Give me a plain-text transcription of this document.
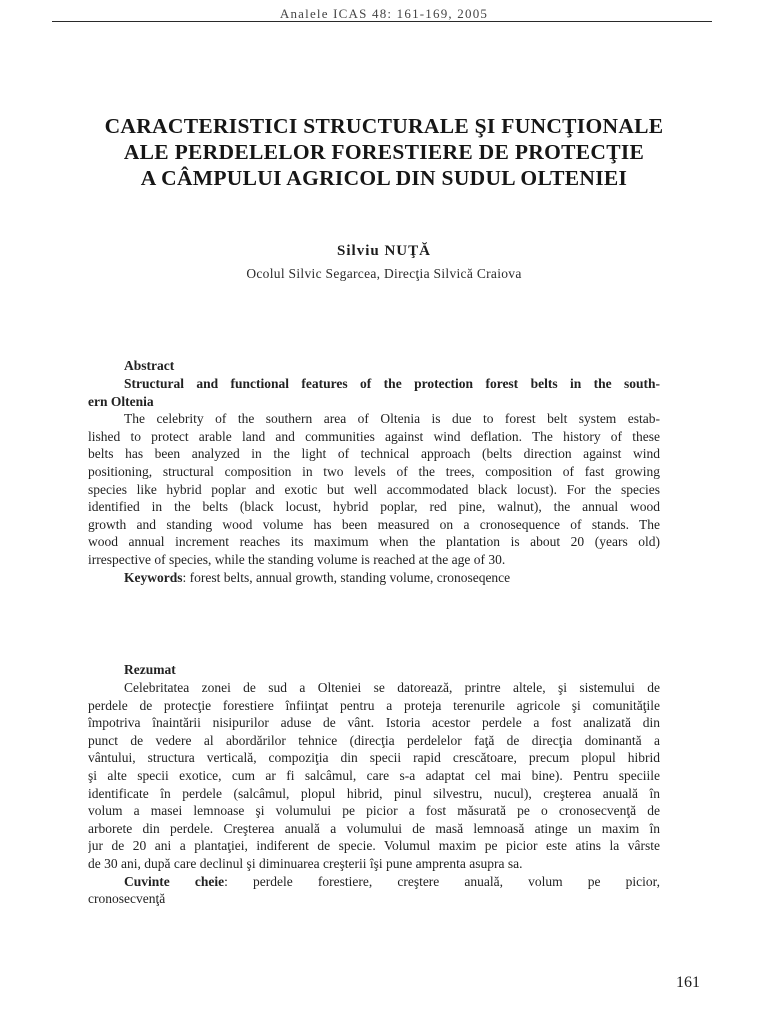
Analele ICAS 48: 161-169, 2005
CARACTERISTICI STRUCTURALE ŞI FUNCŢIONALE
ALE PERDELELOR FORESTIERE DE PROTECŢIE
A CÂMPULUI AGRICOL DIN SUDUL OLTENIEI
Silviu NUŢĂ
Ocolul Silvic Segarcea, Direcţia Silvică Craiova
Abstract
Structural and functional features of the protection forest belts in the south-
ern Oltenia
The celebrity of the southern area of Oltenia is due to forest belt system estab-
lished to protect arable land and communities against wind deflation. The history of these
belts has been analyzed in the light of technical approach (belts direction against wind
positioning, structural composition in two levels of the trees, composition of fast growing
species like hybrid poplar and exotic but well accommodated black locust). For the species
identified in the belts (black locust, hybrid poplar, red pine, walnut), the annual wood
growth and standing wood volume has been measured on a cronosequence of stands. The
wood annual increment reaches its maximum when the plantation is about 20 (years old)
irrespective of species, while the standing volume is reached at the age of 30.
Keywords: forest belts, annual growth, standing volume, cronoseqence
Rezumat
Celebritatea zonei de sud a Olteniei se datorează, printre altele, şi sistemului de
perdele de protecţie forestiere înfiinţat pentru a proteja terenurile agricole şi comunităţile
împotriva înaintării nisipurilor aduse de vânt. Istoria acestor perdele a fost analizată din
punct de vedere al abordărilor tehnice (direcţia perdelelor faţă de direcţia dominantă a
vântului, structura verticală, compoziţia din specii rapid crescătoare, precum plopul hibrid
şi alte specii exotice, cum ar fi salcâmul, care s-a adaptat cel mai bine). Pentru speciile
identificate în perdele (salcâmul, plopul hibrid, pinul silvestru, nucul), creşterea anuală în
volum a masei lemnoase şi volumului pe picior a fost măsurată pe o cronosecvenţă de
arborete din perdele. Creşterea anuală a volumului de masă lemnoasă atinge un maxim în
jur de 20 ani a plantaţiei, indiferent de specie. Volumul maxim pe picior este atins la vârste
de 30 ani, după care declinul şi diminuarea creşterii îşi pune amprenta asupra sa.
Cuvinte cheie: perdele forestiere, creştere anuală, volum pe picior,
cronosecvenţă
161
